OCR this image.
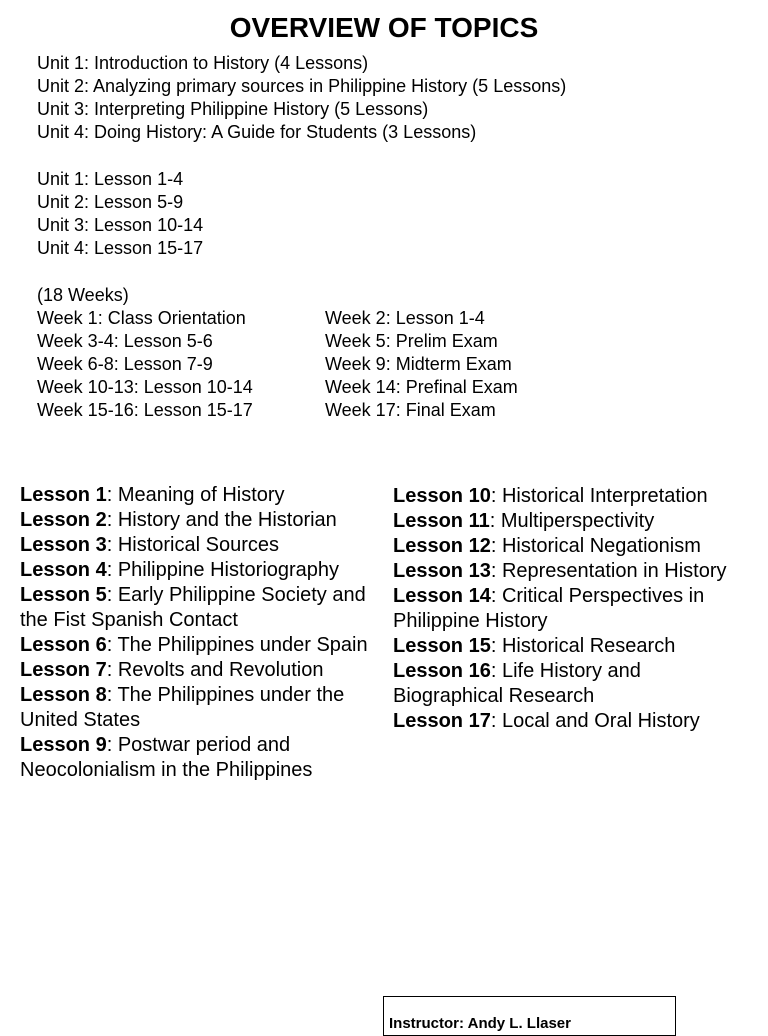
OVERVIEW OF TOPICS
Unit 1: Introduction to History (4 Lessons)
Unit 2: Analyzing primary sources in Philippine History (5 Lessons)
Unit 3: Interpreting Philippine History (5 Lessons)
Unit 4: Doing History: A Guide for Students (3 Lessons)
Unit 1: Lesson 1-4
Unit 2: Lesson 5-9
Unit 3: Lesson 10-14
Unit 4: Lesson 15-17
(18 Weeks)
Week 1: Class Orientation
Week 3-4: Lesson 5-6
Week 6-8: Lesson 7-9
Week 10-13: Lesson 10-14
Week 15-16: Lesson 15-17
Week 2: Lesson 1-4
Week 5: Prelim Exam
Week 9: Midterm Exam
Week 14: Prefinal Exam
Week 17: Final Exam
Lesson 1: Meaning of History
Lesson 2: History and the Historian
Lesson 3: Historical Sources
Lesson 4: Philippine Historiography
Lesson 5: Early Philippine Society and the Fist Spanish Contact
Lesson 6: The Philippines under Spain
Lesson 7: Revolts and Revolution
Lesson 8: The Philippines under the United States
Lesson 9: Postwar period and Neocolonialism in the Philippines
Lesson 10: Historical Interpretation
Lesson 11: Multiperspectivity
Lesson 12: Historical Negationism
Lesson 13: Representation in History
Lesson 14: Critical Perspectives in Philippine History
Lesson 15: Historical Research
Lesson 16: Life History and Biographical Research
Lesson 17: Local and Oral History
Instructor: Andy L. Llaser
